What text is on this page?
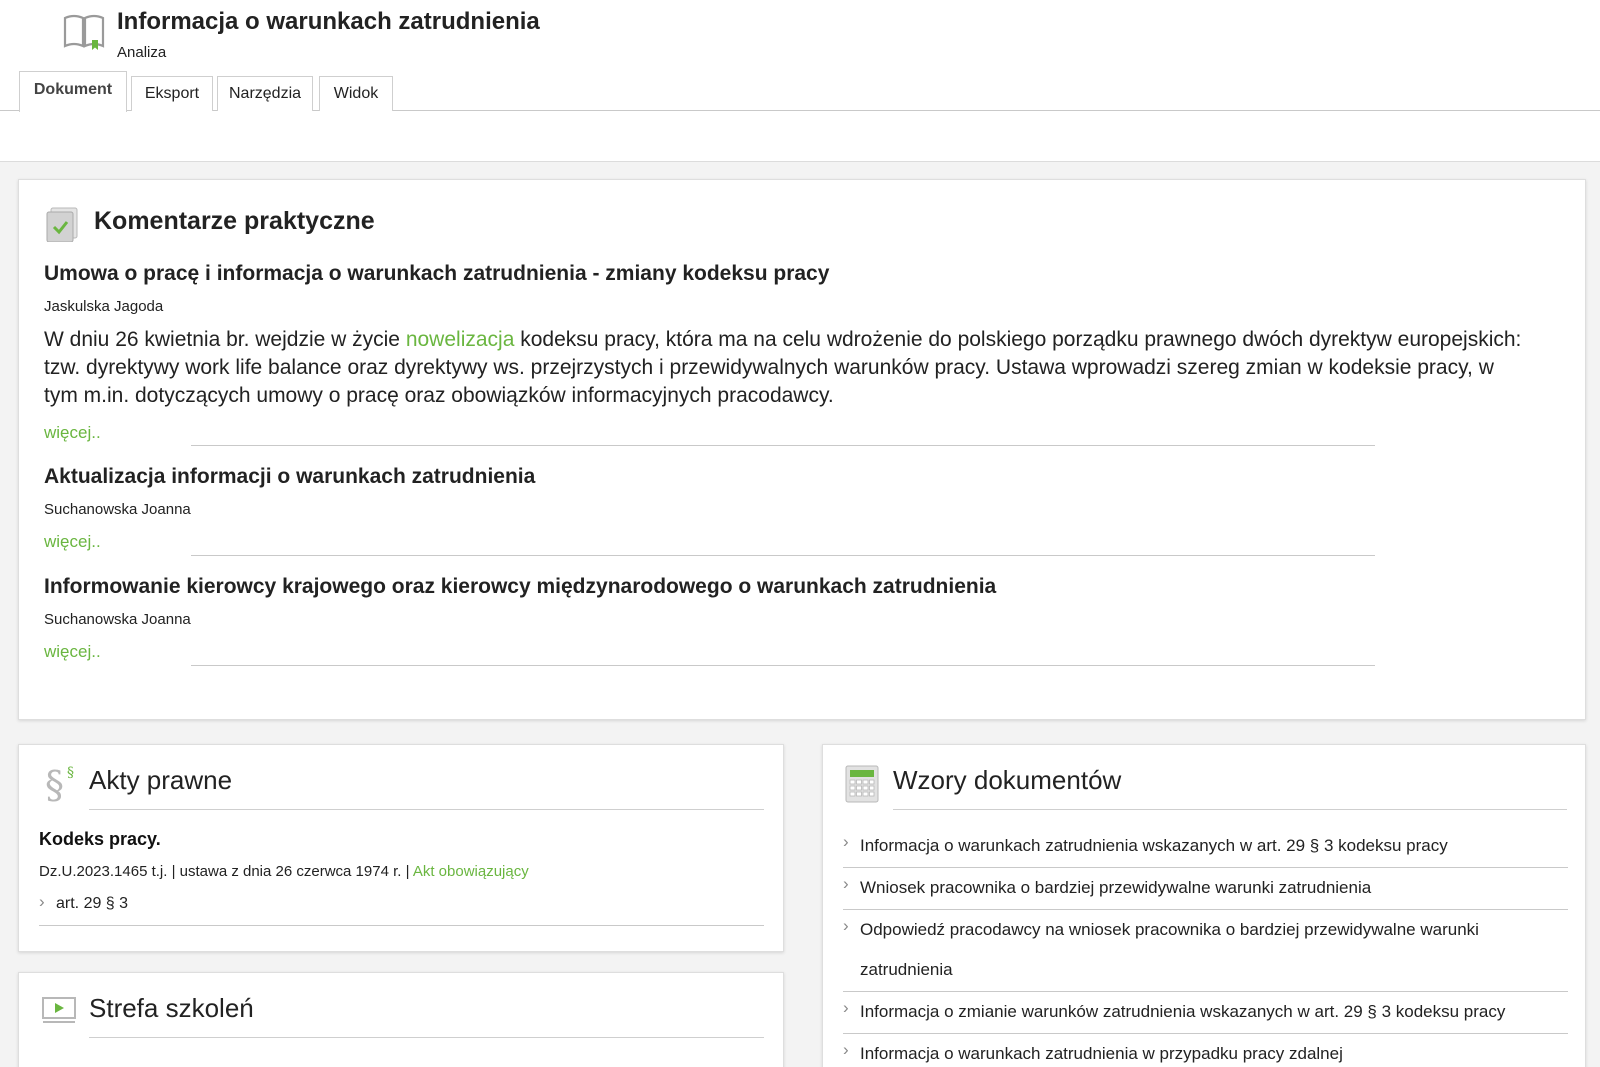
Informacja o warunkach zatrudnienia
Analiza
Dokument	Eksport	Narzędzia	Widok
Komentarze praktyczne
Umowa o pracę i informacja o warunkach zatrudnienia - zmiany kodeksu pracy
Jaskulska Jagoda
W dniu 26 kwietnia br. wejdzie w życie nowelizacja kodeksu pracy, która ma na celu wdrożenie do polskiego porządku prawnego dwóch dyrektyw europejskich: tzw. dyrektywy work life balance oraz dyrektywy ws. przejrzystych i przewidywalnych warunków pracy. Ustawa wprowadzi szereg zmian w kodeksie pracy, w tym m.in. dotyczących umowy o pracę oraz obowiązków informacyjnych pracodawcy.
więcej..
Aktualizacja informacji o warunkach zatrudnienia
Suchanowska Joanna
więcej..
Informowanie kierowcy krajowego oraz kierowcy międzynarodowego o warunkach zatrudnienia
Suchanowska Joanna
więcej..
§ § Akty prawne
Kodeks pracy.
Dz.U.2023.1465 t.j. | ustawa z dnia 26 czerwca 1974 r. | Akt obowiązujący
› art. 29 § 3
Strefa szkoleń
Wzory dokumentów
› Informacja o warunkach zatrudnienia wskazanych w art. 29 § 3 kodeksu pracy
› Wniosek pracownika o bardziej przewidywalne warunki zatrudnienia
› Odpowiedź pracodawcy na wniosek pracownika o bardziej przewidywalne warunki zatrudnienia
› Informacja o zmianie warunków zatrudnienia wskazanych w art. 29 § 3 kodeksu pracy
› Informacja o warunkach zatrudnienia w przypadku pracy zdalnej
